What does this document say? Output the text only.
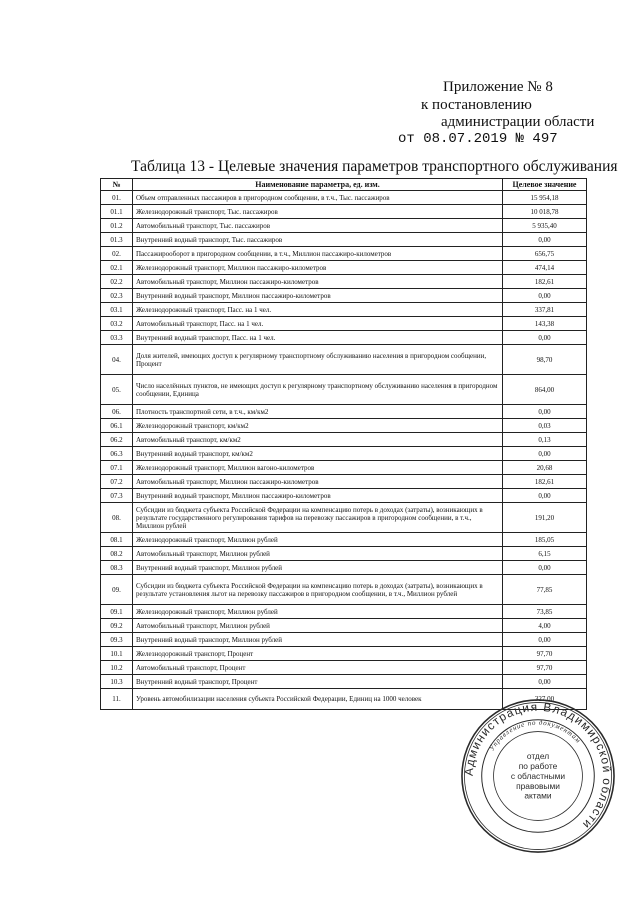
Приложение № 8
к постановлению
администрации области
от 08.07.2019 № 497
Таблица 13 - Целевые значения параметров транспортного обслуживания
№	Наименование параметра, ед. изм.	Целевое значение
01.	Объем отправленных пассажиров в пригородном сообщении, в т.ч., Тыс. пассажиров	15 954,18
01.1	Железнодорожный транспорт, Тыс. пассажиров	10 018,78
01.2	Автомобильный транспорт, Тыс. пассажиров	5 935,40
01.3	Внутренний водный транспорт, Тыс. пассажиров	0,00
02.	Пассажирооборот в пригородном сообщении, в т.ч., Миллион пассажиро-километров	656,75
02.1	Железнодорожный транспорт, Миллион пассажиро-километров	474,14
02.2	Автомобильный транспорт, Миллион пассажиро-километров	182,61
02.3	Внутренний водный транспорт, Миллион пассажиро-километров	0,00
03.1	Железнодорожный транспорт, Пасс. на 1 чел.	337,81
03.2	Автомобильный транспорт, Пасс. на 1 чел.	143,38
03.3	Внутренний водный транспорт, Пасс. на 1 чел.	0,00
04.	Доля жителей, имеющих доступ к регулярному транспортному обслуживанию населения в пригородном сообщении, Процент	98,70
05.	Число населённых пунктов, не имеющих доступ к регулярному транспортному обслуживанию населения в пригородном сообщении, Единица	864,00
06.	Плотность транспортной сети, в т.ч., км/км2	0,00
06.1	Железнодорожный транспорт, км/км2	0,03
06.2	Автомобильный транспорт, км/км2	0,13
06.3	Внутренний водный транспорт, км/км2	0,00
07.1	Железнодорожный транспорт, Миллион вагоно-километров	20,68
07.2	Автомобильный транспорт, Миллион пассажиро-километров	182,61
07.3	Внутренний водный транспорт, Миллион пассажиро-километров	0,00
08.	Субсидии из бюджета субъекта Российской Федерации на компенсацию потерь в доходах (затраты), возникающих в результате государственного регулирования тарифов на перевозку пассажиров в пригородном сообщении, в т.ч., Миллион рублей	191,20
08.1	Железнодорожный транспорт, Миллион рублей	185,05
08.2	Автомобильный транспорт, Миллион рублей	6,15
08.3	Внутренний водный транспорт, Миллион рублей	0,00
09.	Субсидии из бюджета субъекта Российской Федерации на компенсацию потерь в доходах (затраты), возникающих в результате установления льгот на перевозку пассажиров в пригородном сообщении, в т.ч., Миллион рублей	77,85
09.1	Железнодорожный транспорт, Миллион рублей	73,85
09.2	Автомобильный транспорт, Миллион рублей	4,00
09.3	Внутренний водный транспорт, Миллион рублей	0,00
10.1	Железнодорожный транспорт, Процент	97,70
10.2	Автомобильный транспорт, Процент	97,70
10.3	Внутренний водный транспорт, Процент	0,00
11.	Уровень автомобилизации населения субъекта Российской Федерации, Единиц на 1000 человек	327,00
Администрация Владимирской области
Управление по документам
отдел
по работе
с областными
правовыми
актами
